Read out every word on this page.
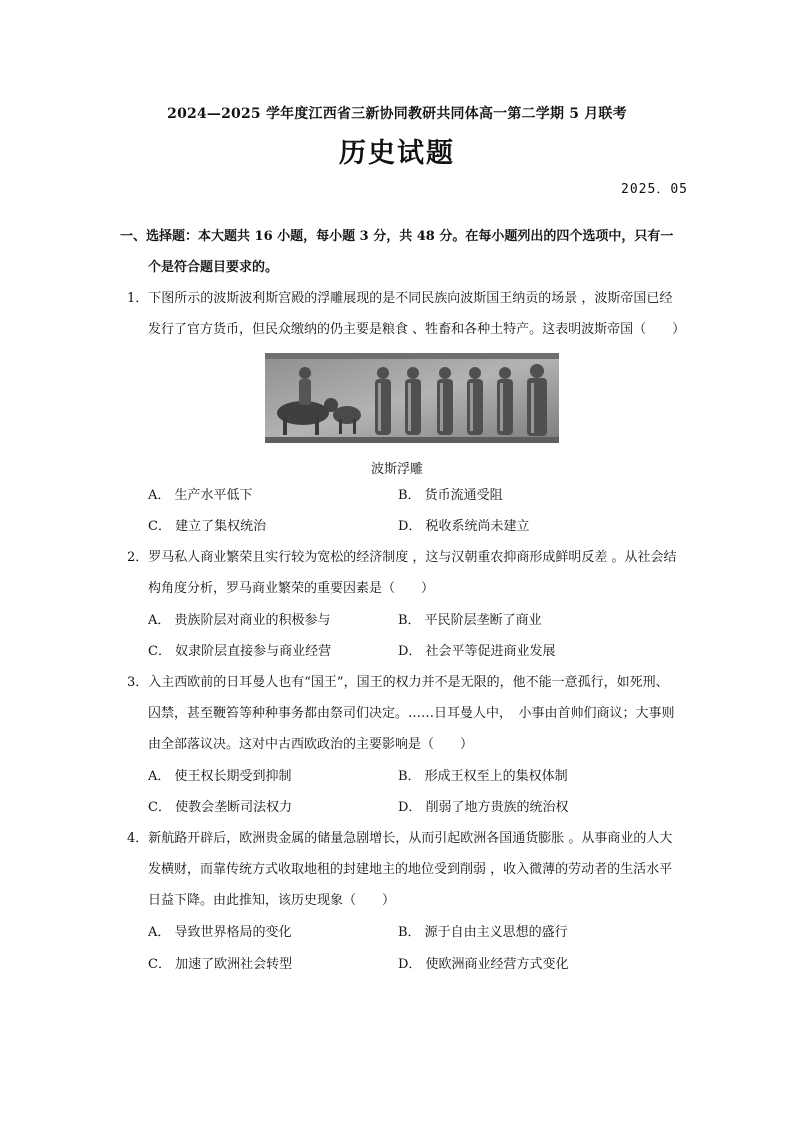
2024—2025 学年度江西省三新协同教研共同体高一第二学期 5 月联考
历史试题
2025．05
一、选择题：本大题共 16 小题，每小题 3 分，共 48 分。在每小题列出的四个选项中，只有一
个是符合题目要求的。
1．下图所示的波斯波利斯宫殿的浮雕展现的是不同民族向波斯国王纳贡的场景 ，波斯帝国已经
发行了官方货币，但民众缴纳的仍主要是粮食 、牲畜和各种土特产。这表明波斯帝国（　　）
波斯浮雕
A． 生产水平低下	B． 货币流通受阻
C． 建立了集权统治	D． 税收系统尚未建立
2．罗马私人商业繁荣且实行较为宽松的经济制度 ，这与汉朝重农抑商形成鲜明反差 。从社会结
构角度分析，罗马商业繁荣的重要因素是（　　）
A． 贵族阶层对商业的积极参与	B． 平民阶层垄断了商业
C． 奴隶阶层直接参与商业经营	D． 社会平等促进商业发展
3．入主西欧前的日耳曼人也有“国王”，国王的权力并不是无限的，他不能一意孤行，如死刑、
囚禁，甚至鞭笞等种种事务都由祭司们决定。……日耳曼人中，　小事由首帅们商议；大事则
由全部落议决。这对中古西欧政治的主要影响是（　　）
A． 使王权长期受到抑制	B． 形成王权至上的集权体制
C． 使教会垄断司法权力	D． 削弱了地方贵族的统治权
4．新航路开辟后，欧洲贵金属的储量急剧增长，从而引起欧洲各国通货膨胀 。从事商业的人大
发横财，而靠传统方式收取地租的封建地主的地位受到削弱 ，收入微薄的劳动者的生活水平
日益下降。由此推知，该历史现象（　　）
A． 导致世界格局的变化	B． 源于自由主义思想的盛行
C． 加速了欧洲社会转型	D． 使欧洲商业经营方式变化
